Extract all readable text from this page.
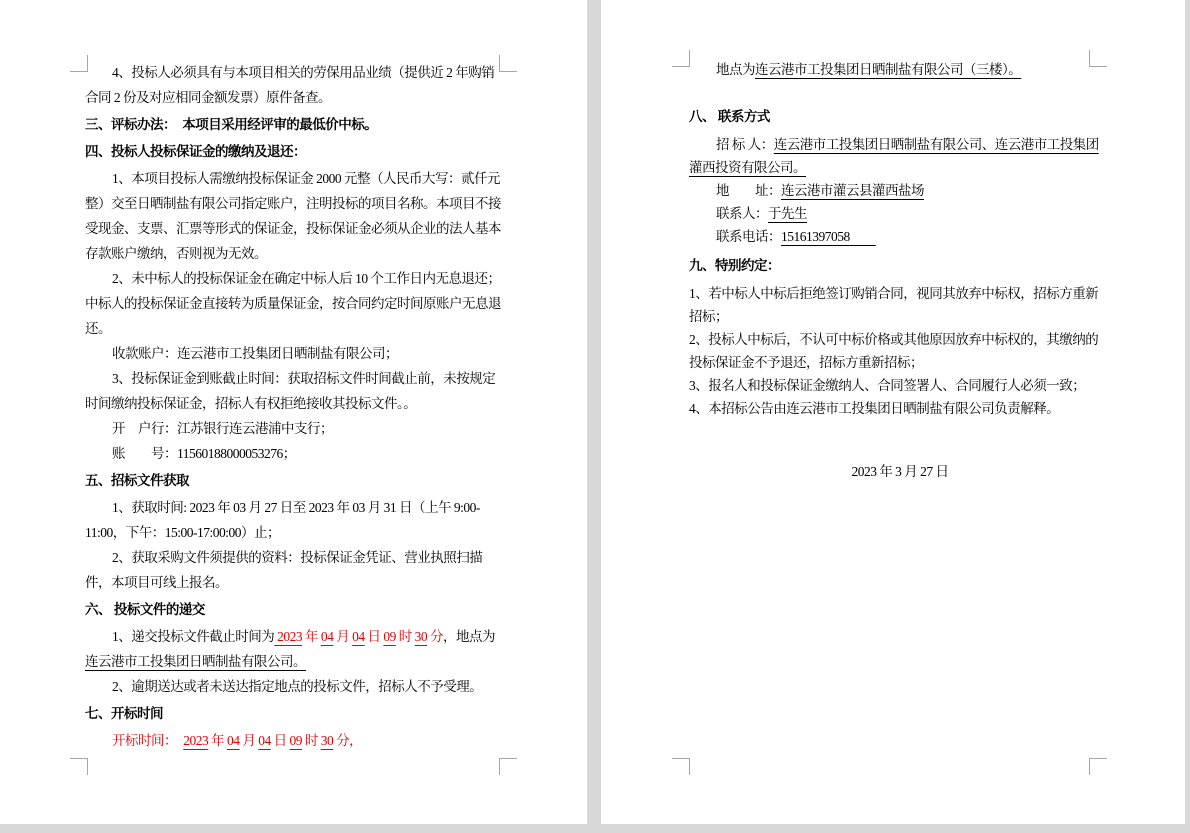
4、投标人必须具有与本项目相关的劳保用品业绩（提供近 2 年购销合同 2 份及对应相同金额发票）原件备查。

三、评标办法：　本项目采用经评审的最低价中标。

四、投标人投标保证金的缴纳及退还：

1、本项目投标人需缴纳投标保证金 2000 元整（人民币大写：贰仟元整）交至日晒制盐有限公司指定账户，注明投标的项目名称。本项目不接受现金、支票、汇票等形式的保证金，投标保证金必须从企业的法人基本存款账户缴纳，否则视为无效。

2、未中标人的投标保证金在确定中标人后 10 个工作日内无息退还；中标人的投标保证金直接转为质量保证金，按合同约定时间原账户无息退还。

收款账户：连云港市工投集团日晒制盐有限公司；

3、投标保证金到账截止时间：获取招标文件时间截止前，未按规定时间缴纳投标保证金，招标人有权拒绝接收其投标文件。。

开　户行：江苏银行连云港浦中支行；

账　　号：11560188000053276；

五、招标文件获取

1、获取时间: 2023 年 03 月 27 日至 2023 年 03 月 31 日（上午 9:00-11:00，下午：15:00-17:00:00）止；

2、获取采购文件须提供的资料：投标保证金凭证、营业执照扫描件，本项目可线上报名。

六、 投标文件的递交

1、递交投标文件截止时间为 2023 年 04 月 04 日 09 时 30 分，地点为连云港市工投集团日晒制盐有限公司。

2、逾期送达或者未送达指定地点的投标文件，招标人不予受理。

七、开标时间

开标时间：　2023 年 04 月 04 日 09 时 30 分，

地点为连云港市工投集团日晒制盐有限公司（三楼）。

八、 联系方式

招 标 人：连云港市工投集团日晒制盐有限公司、连云港市工投集团灌西投资有限公司。

地　　址：连云港市灌云县灌西盐场

联系人：于先生

联系电话：15161397058　　

九、特别约定：

1、若中标人中标后拒绝签订购销合同，视同其放弃中标权，招标方重新招标；

2、投标人中标后，不认可中标价格或其他原因放弃中标权的，其缴纳的投标保证金不予退还，招标方重新招标；

3、报名人和投标保证金缴纳人、合同签署人、合同履行人必须一致；

4、本招标公告由连云港市工投集团日晒制盐有限公司负责解释。

2023 年 3 月 27 日
